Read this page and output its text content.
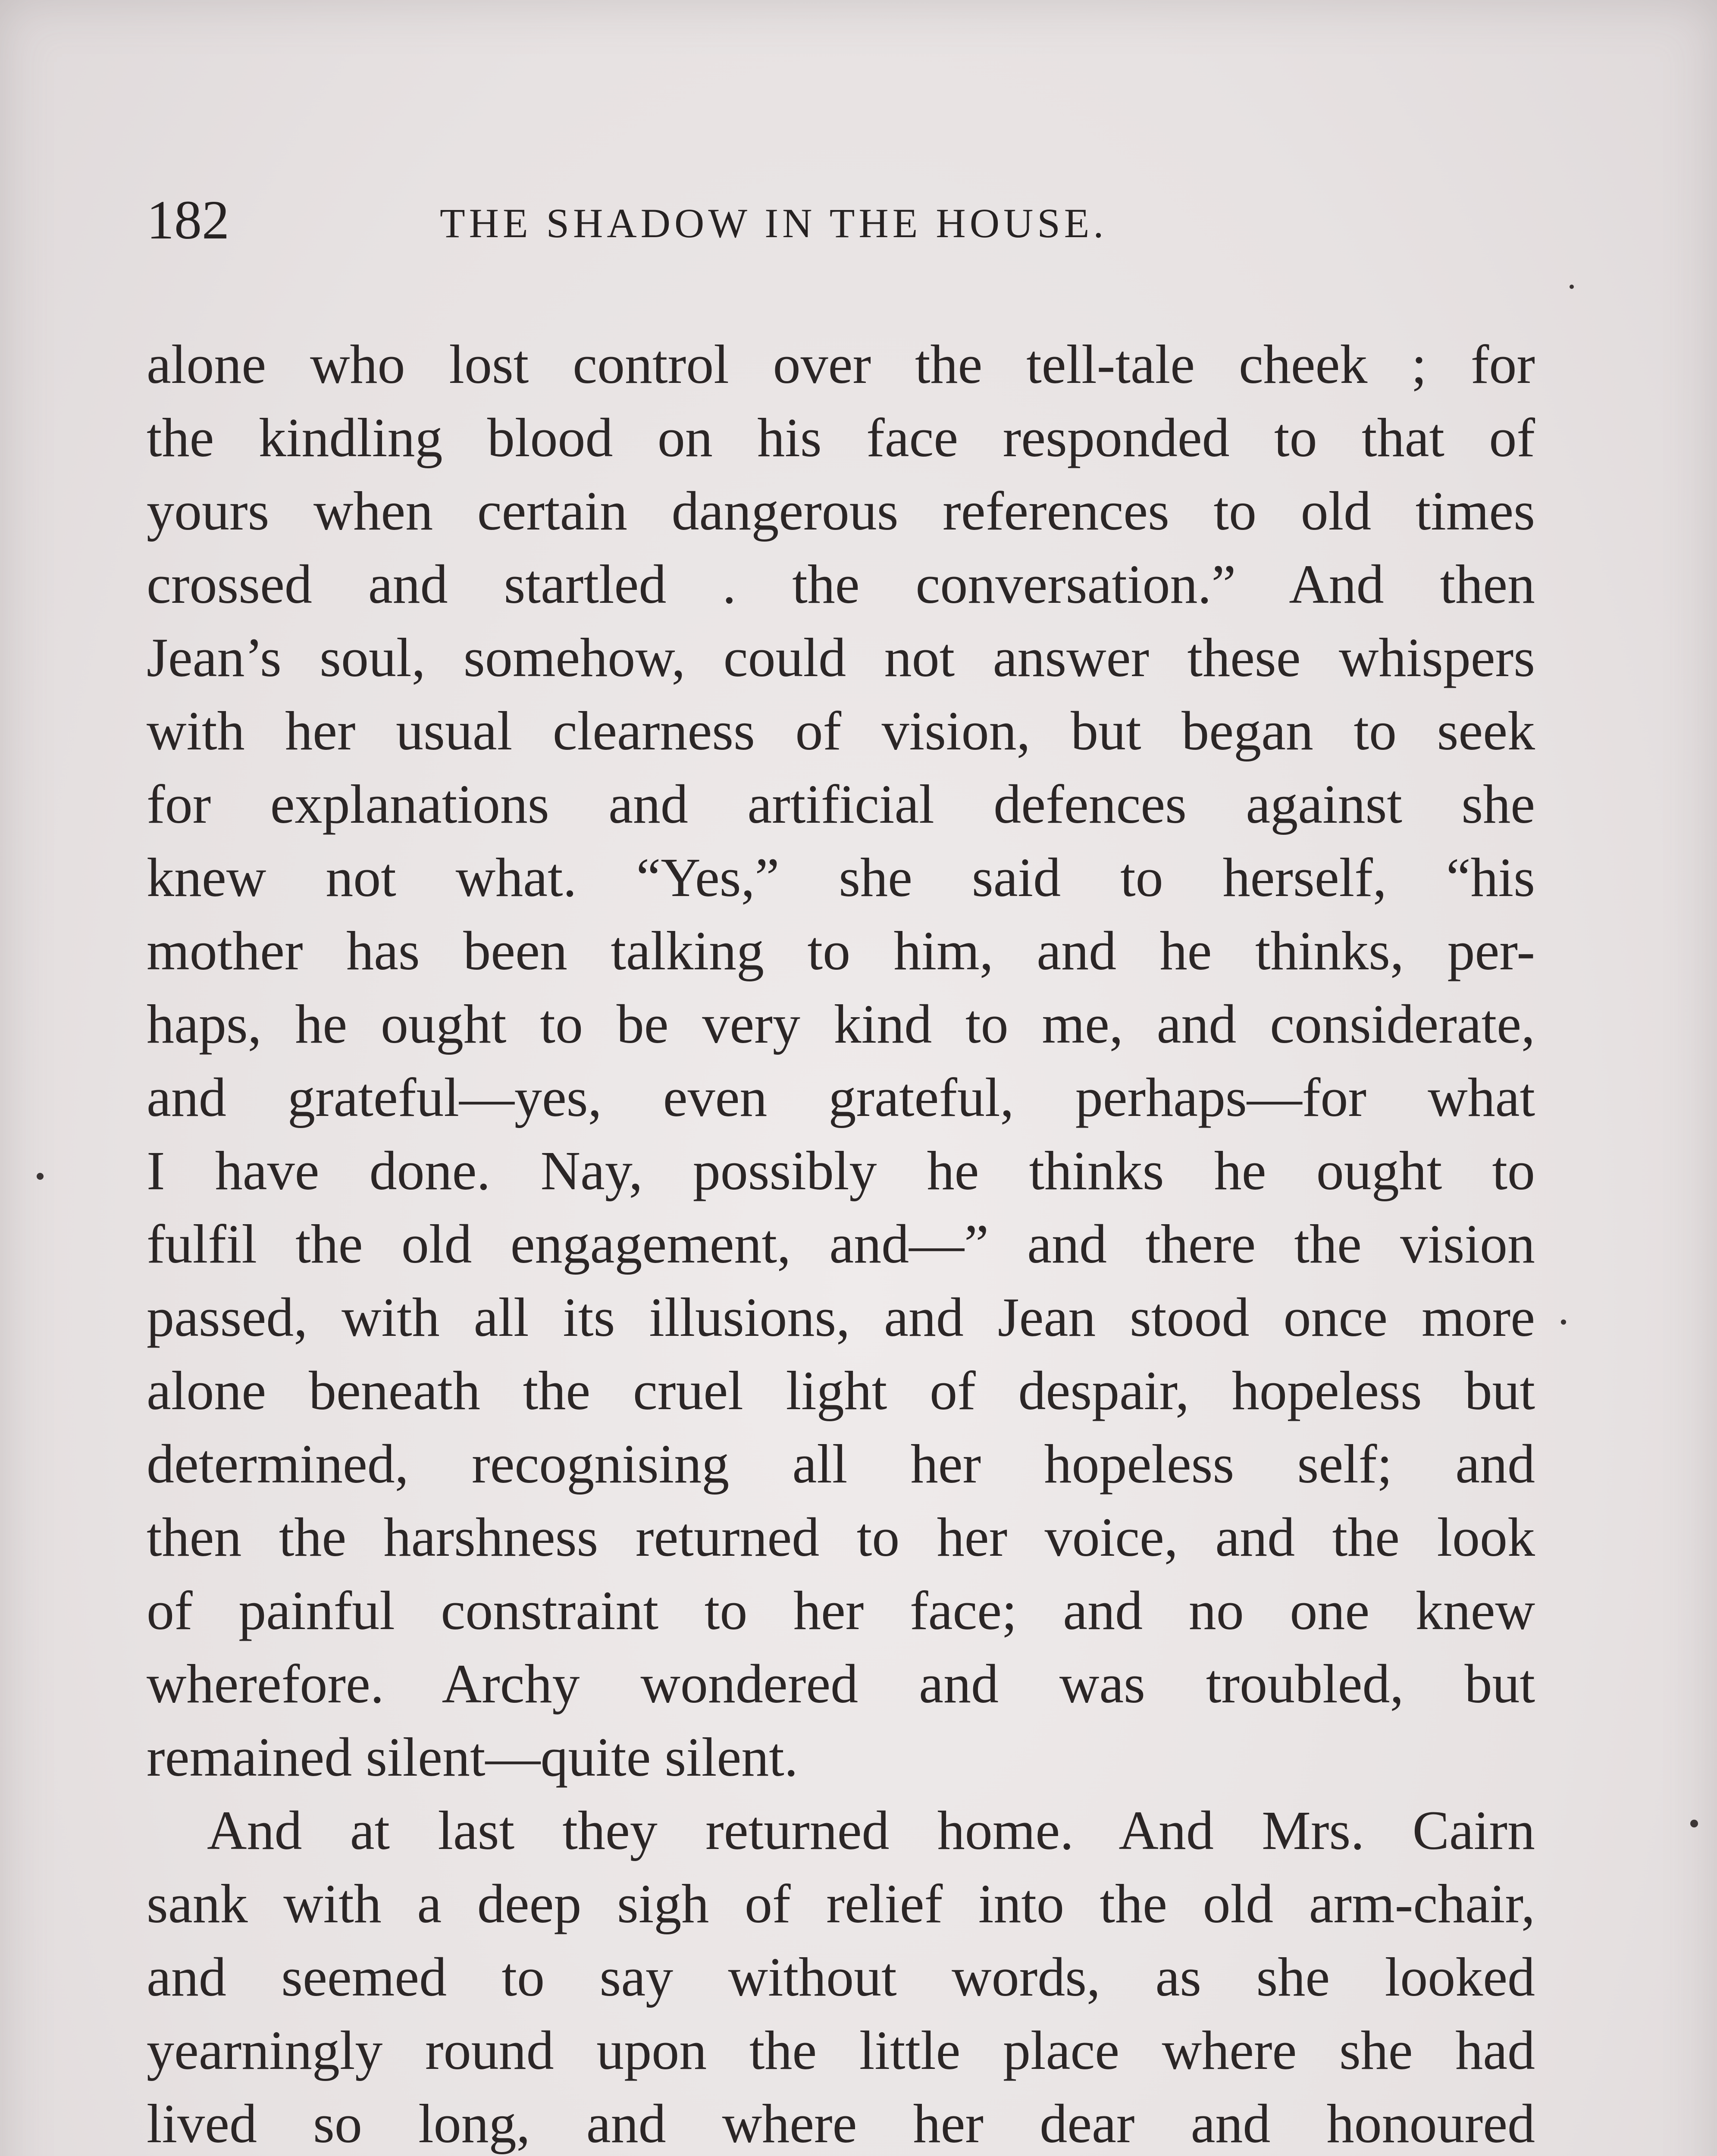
182	THE SHADOW IN THE HOUSE.
alone who lost control over the tell-tale cheek ; for
the kindling blood on his face responded to that of
yours when certain dangerous references to old times
crossed and startled . the conversation.” And then
Jean’s soul, somehow, could not answer these whispers
with her usual clearness of vision, but began to seek
for explanations and artificial defences against she
knew not what. “Yes,” she said to herself, “his
mother has been talking to him, and he thinks, per-
haps, he ought to be very kind to me, and considerate,
and grateful—yes, even grateful, perhaps—for what
I have done. Nay, possibly he thinks he ought to
fulfil the old engagement, and—” and there the vision
passed, with all its illusions, and Jean stood once more
alone beneath the cruel light of despair, hopeless but
determined, recognising all her hopeless self; and
then the harshness returned to her voice, and the look
of painful constraint to her face; and no one knew
wherefore. Archy wondered and was troubled, but
remained silent—quite silent.
And at last they returned home. And Mrs. Cairn
sank with a deep sigh of relief into the old arm-chair,
and seemed to say without words, as she looked
yearningly round upon the little place where she had
lived so long, and where her dear and honoured
